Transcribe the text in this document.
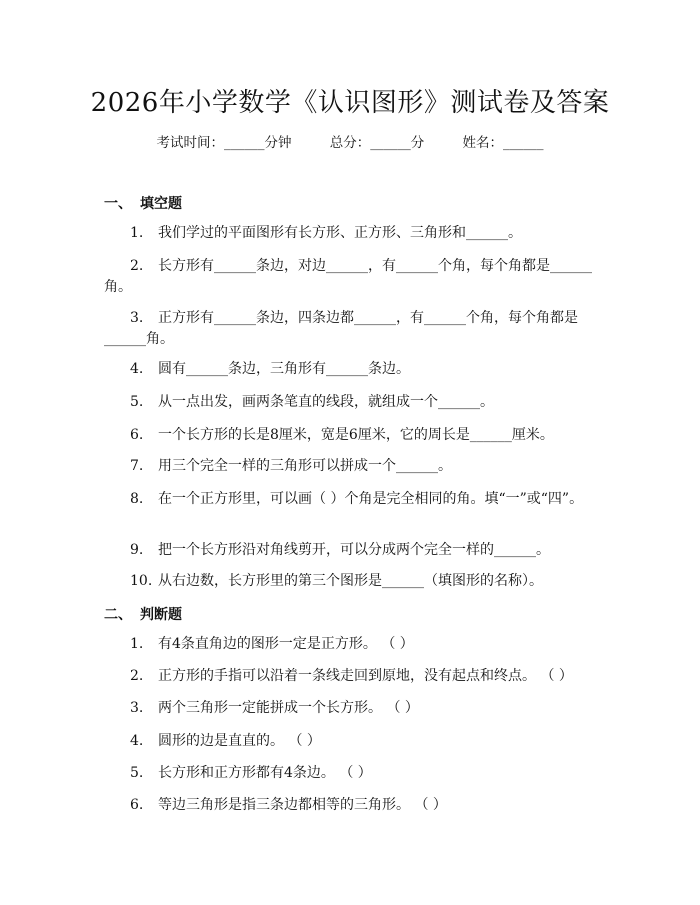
2026年小学数学《认识图形》测试卷及答案
考试时间：______分钟	总分：______分	姓名：______
一、 填空题
1. 我们学过的平面图形有长方形、正方形、三角形和______。
2. 长方形有______条边，对边______，有______个角，每个角都是______角。
3. 正方形有______条边，四条边都______，有______个角，每个角都是______角。
4. 圆有______条边，三角形有______条边。
5. 从一点出发，画两条笔直的线段，就组成一个______。
6. 一个长方形的长是8厘米，宽是6厘米，它的周长是______厘米。
7. 用三个完全一样的三角形可以拼成一个______。
8. 在一个正方形里，可以画（ ）个角是完全相同的角。填“一”或“四”。
9. 把一个长方形沿对角线剪开，可以分成两个完全一样的______。
10. 从右边数，长方形里的第三个图形是______（填图形的名称）。
二、 判断题
1. 有4条直角边的图形一定是正方形。 （ ）
2. 正方形的手指可以沿着一条线走回到原地，没有起点和终点。 （ ）
3. 两个三角形一定能拼成一个长方形。 （ ）
4. 圆形的边是直直的。 （ ）
5. 长方形和正方形都有4条边。 （ ）
6. 等边三角形是指三条边都相等的三角形。 （ ）
